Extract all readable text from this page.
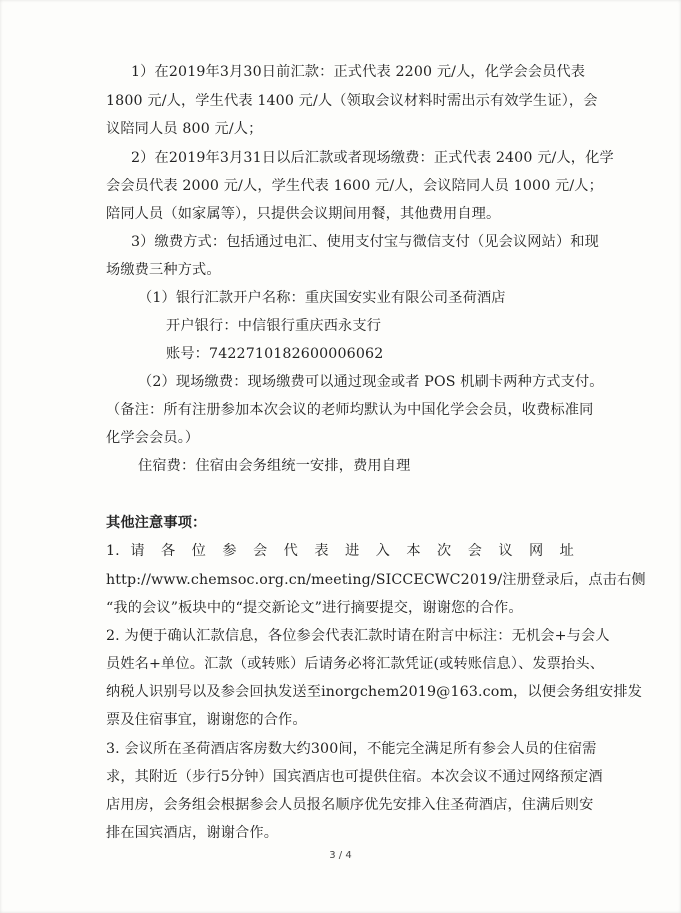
1）在2019年3月30日前汇款：正式代表 2200 元/人，化学会会员代表
1800 元/人，学生代表 1400 元/人（领取会议材料时需出示有效学生证），会
议陪同人员 800 元/人；
2）在2019年3月31日以后汇款或者现场缴费：正式代表 2400 元/人，化学
会会员代表 2000 元/人，学生代表 1600 元/人，会议陪同人员 1000 元/人；
陪同人员（如家属等），只提供会议期间用餐，其他费用自理。
3）缴费方式：包括通过电汇、使用支付宝与微信支付（见会议网站）和现
场缴费三种方式。
（1）银行汇款开户名称：重庆国安实业有限公司圣荷酒店
开户银行：中信银行重庆西永支行
账号：7422710182600006062
（2）现场缴费：现场缴费可以通过现金或者 POS 机刷卡两种方式支付。
（备注：所有注册参加本次会议的老师均默认为中国化学会会员，收费标准同
化学会会员。）
住宿费：住宿由会务组统一安排，费用自理
其他注意事项：
1. 请 各 位 参 会 代 表 进 入 本 次 会 议 网 址
http://www.chemsoc.org.cn/meeting/SICCECWC2019/注册登录后，点击右侧
“我的会议”板块中的“提交新论文”进行摘要提交，谢谢您的合作。
2. 为便于确认汇款信息，各位参会代表汇款时请在附言中标注：无机会+与会人
员姓名+单位。汇款（或转账）后请务必将汇款凭证(或转账信息）、发票抬头、
纳税人识别号以及参会回执发送至inorgchem2019@163.com，以便会务组安排发
票及住宿事宜，谢谢您的合作。
3. 会议所在圣荷酒店客房数大约300间，不能完全满足所有参会人员的住宿需
求，其附近（步行5分钟）国宾酒店也可提供住宿。本次会议不通过网络预定酒
店用房，会务组会根据参会人员报名顺序优先安排入住圣荷酒店，住满后则安
排在国宾酒店，谢谢合作。
3 / 4
